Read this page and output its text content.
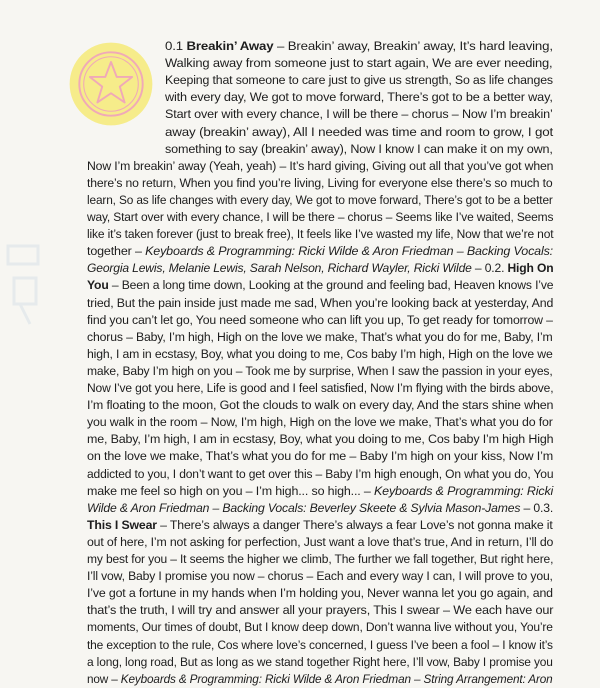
0.1 Breakin’ Away – Breakin’ away, Breakin’ away, It’s hard leaving,
Walking away from someone just to start again, We are ever needing,
Keeping that someone to care just to give us strength, So as life changes
with every day, We got to move forward, There’s got to be a better way,
Start over with every chance, I will be there – chorus – Now I’m breakin’
away (breakin’ away), All I needed was time and room to grow, I got
something to say (breakin’ away), Now I know I can make it on my own,
Now I’m breakin’ away (Yeah, yeah) – It’s hard giving, Giving out all that you’ve got when
there’s no return, When you find you’re living, Living for everyone else there’s so much to
learn, So as life changes with every day, We got to move forward, There’s got to be a better
way, Start over with every chance, I will be there – chorus – Seems like I’ve waited, Seems
like it’s taken forever (just to break free), It feels like I’ve wasted my life, Now that we’re not
together – Keyboards & Programming: Ricki Wilde & Aron Friedman – Backing Vocals:
Georgia Lewis, Melanie Lewis, Sarah Nelson, Richard Wayler, Ricki Wilde – 0.2. High On
You – Been a long time down, Looking at the ground and feeling bad, Heaven knows I’ve
tried, But the pain inside just made me sad, When you’re looking back at yesterday, And
find you can’t let go, You need someone who can lift you up, To get ready for tomorrow –
chorus – Baby, I’m high, High on the love we make, That’s what you do for me, Baby, I’m
high, I am in ecstasy, Boy, what you doing to me, Cos baby I’m high, High on the love we
make, Baby I’m high on you – Took me by surprise, When I saw the passion in your eyes,
Now I’ve got you here, Life is good and I feel satisfied, Now I’m flying with the birds above,
I’m floating to the moon, Got the clouds to walk on every day, And the stars shine when
you walk in the room – Now, I’m high, High on the love we make, That’s what you do for
me, Baby, I’m high, I am in ecstasy, Boy, what you doing to me, Cos baby I’m high High
on the love we make, That’s what you do for me – Baby I’m high on your kiss, Now I’m
addicted to you, I don’t want to get over this – Baby I’m high enough, On what you do, You
make me feel so high on you – I’m high... so high... – Keyboards & Programming: Ricki
Wilde & Aron Friedman – Backing Vocals: Beverley Skeete & Sylvia Mason-James – 0.3.
This I Swear – There’s always a danger There’s always a fear Love’s not gonna make it
out of here, I’m not asking for perfection, Just want a love that’s true, And in return, I’ll do
my best for you – It seems the higher we climb, The further we fall together, But right here,
I’ll vow, Baby I promise you now – chorus – Each and every way I can, I will prove to you,
I’ve got a fortune in my hands when I’m holding you, Never wanna let you go again, and
that’s the truth, I will try and answer all your prayers, This I swear – We each have our
moments, Our times of doubt, But I know deep down, Don’t wanna live without you, You’re
the exception to the rule, Cos where love’s concerned, I guess I’ve been a fool – I know it’s
a long, long road, But as long as we stand together Right here, I’ll vow, Baby I promise you
now – Keyboards & Programming: Ricki Wilde & Aron Friedman – String Arrangement: Aron
